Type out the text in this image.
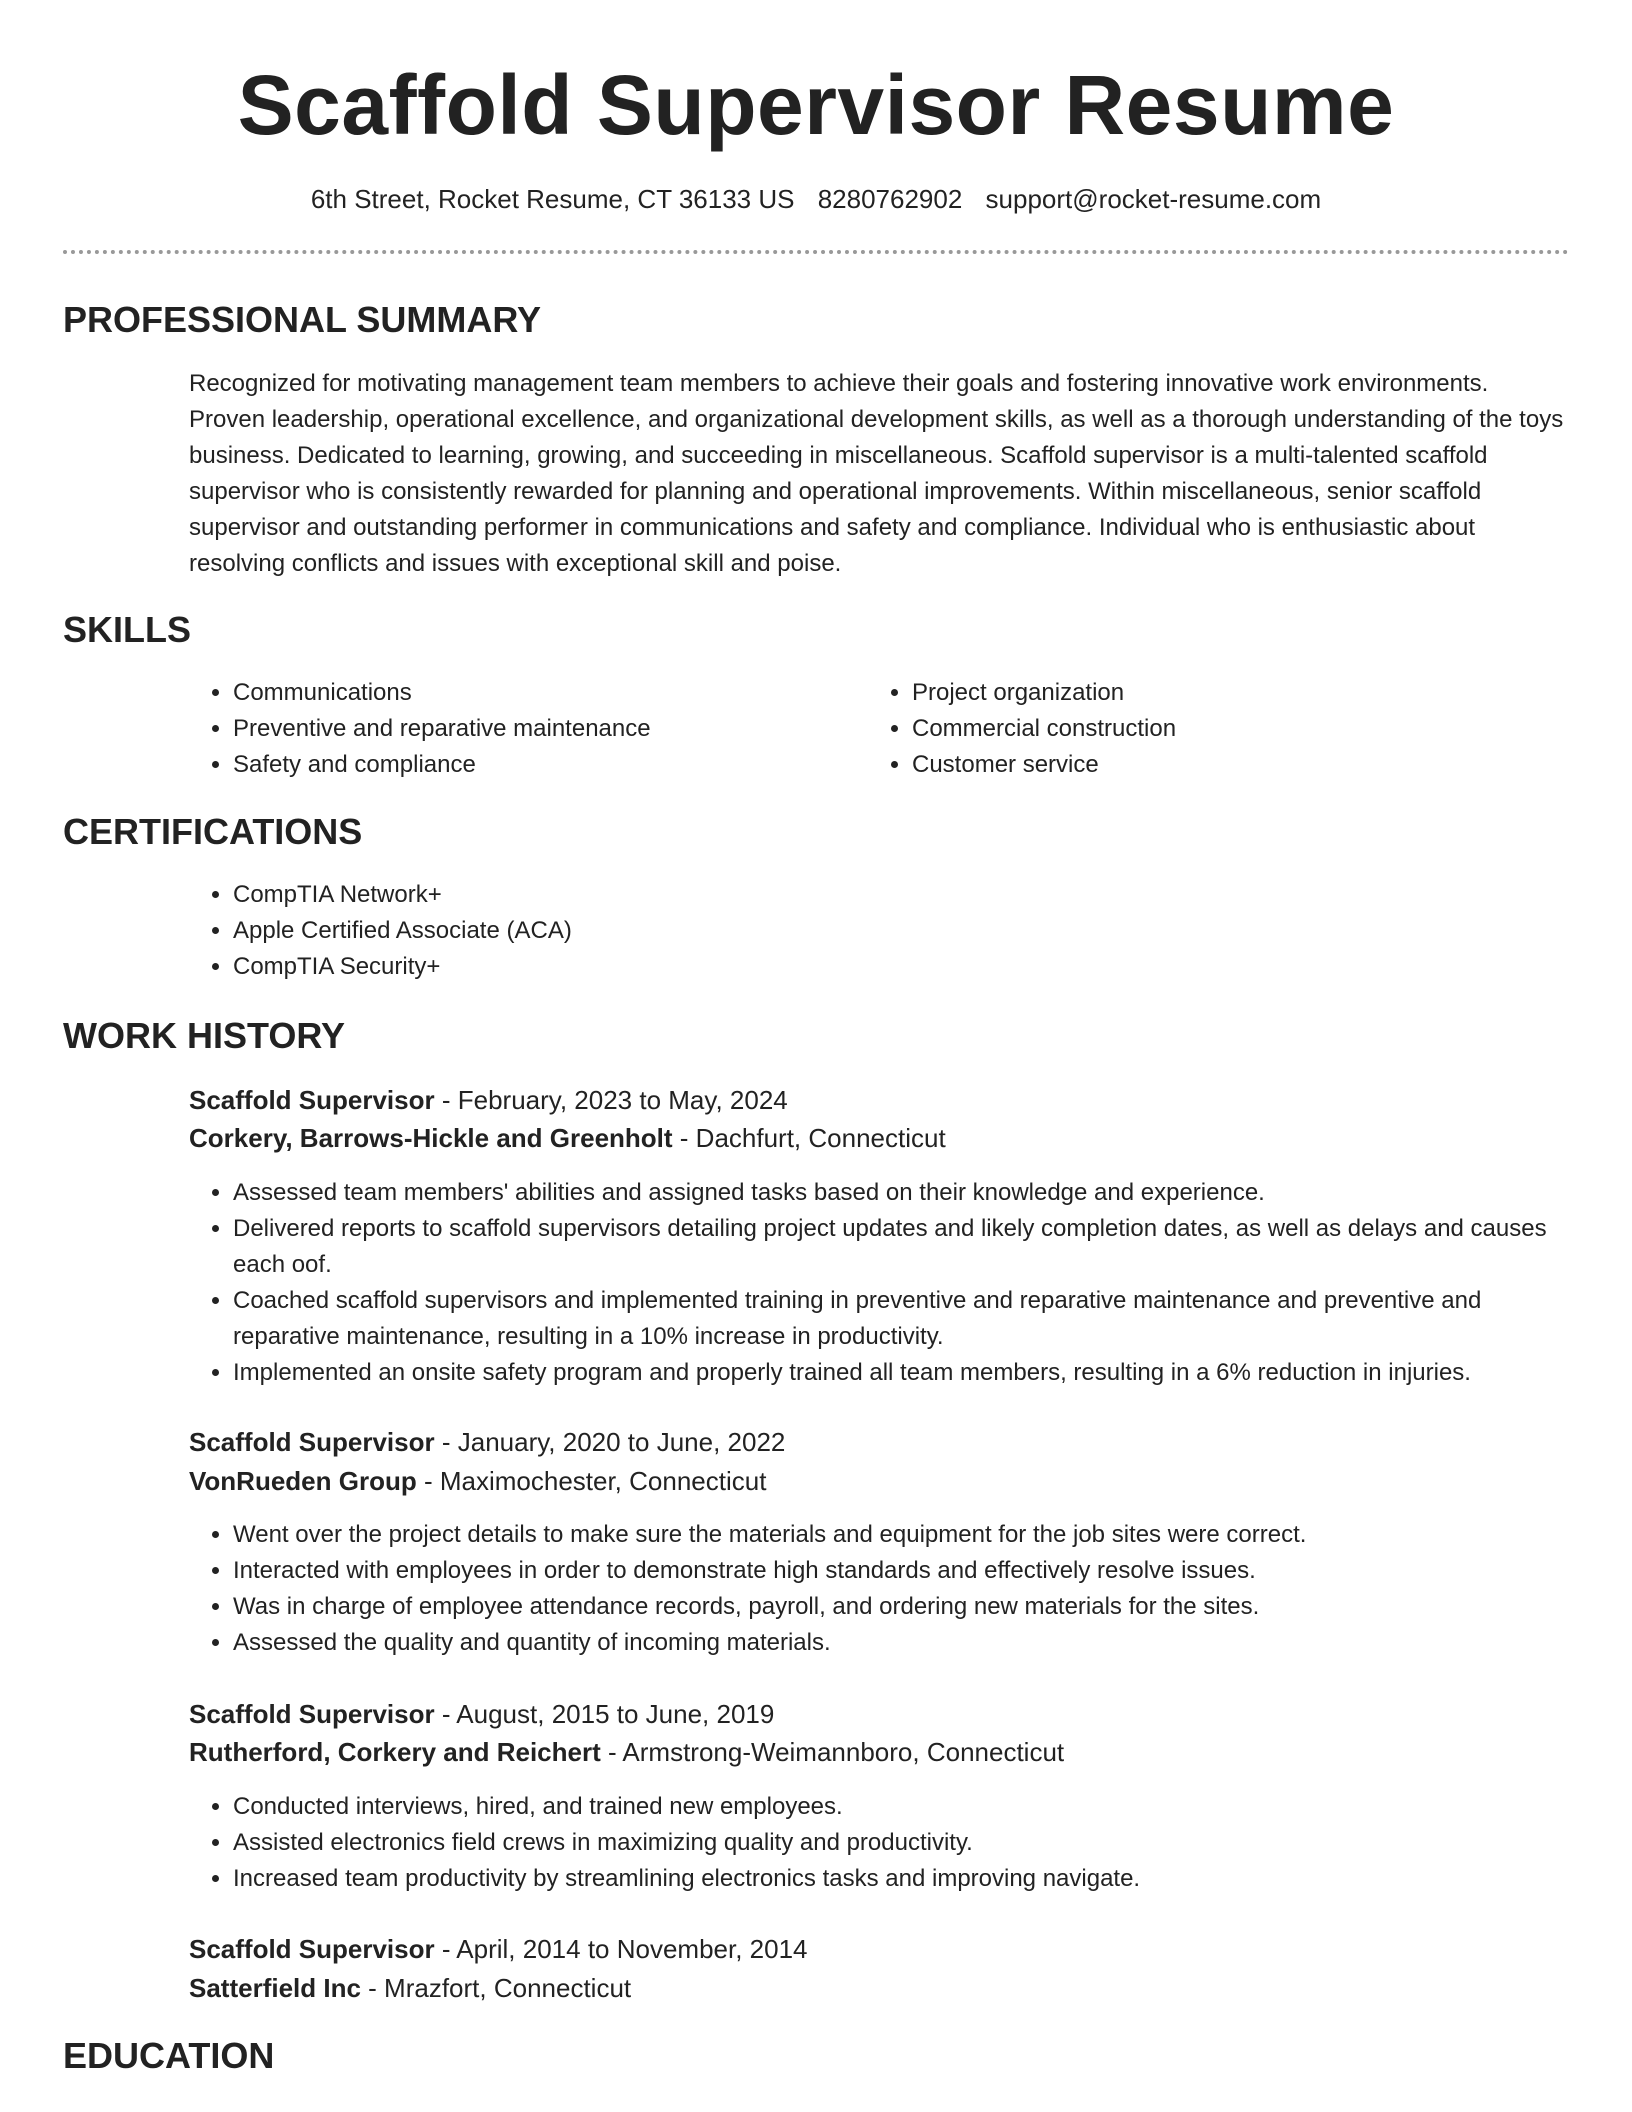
Scaffold Supervisor Resume
6th Street, Rocket Resume, CT 36133 US 8280762902 support@rocket-resume.com
PROFESSIONAL SUMMARY
Recognized for motivating management team members to achieve their goals and fostering innovative work environments. Proven leadership, operational excellence, and organizational development skills, as well as a thorough understanding of the toys business. Dedicated to learning, growing, and succeeding in miscellaneous. Scaffold supervisor is a multi-talented scaffold supervisor who is consistently rewarded for planning and operational improvements. Within miscellaneous, senior scaffold supervisor and outstanding performer in communications and safety and compliance. Individual who is enthusiastic about resolving conflicts and issues with exceptional skill and poise.
SKILLS
• Communications
• Preventive and reparative maintenance
• Safety and compliance
• Project organization
• Commercial construction
• Customer service
CERTIFICATIONS
• CompTIA Network+
• Apple Certified Associate (ACA)
• CompTIA Security+
WORK HISTORY
Scaffold Supervisor - February, 2023 to May, 2024
Corkery, Barrows-Hickle and Greenholt - Dachfurt, Connecticut
• Assessed team members' abilities and assigned tasks based on their knowledge and experience.
• Delivered reports to scaffold supervisors detailing project updates and likely completion dates, as well as delays and causes each oof.
• Coached scaffold supervisors and implemented training in preventive and reparative maintenance and preventive and reparative maintenance, resulting in a 10% increase in productivity.
• Implemented an onsite safety program and properly trained all team members, resulting in a 6% reduction in injuries.
Scaffold Supervisor - January, 2020 to June, 2022
VonRueden Group - Maximochester, Connecticut
• Went over the project details to make sure the materials and equipment for the job sites were correct.
• Interacted with employees in order to demonstrate high standards and effectively resolve issues.
• Was in charge of employee attendance records, payroll, and ordering new materials for the sites.
• Assessed the quality and quantity of incoming materials.
Scaffold Supervisor - August, 2015 to June, 2019
Rutherford, Corkery and Reichert - Armstrong-Weimannboro, Connecticut
• Conducted interviews, hired, and trained new employees.
• Assisted electronics field crews in maximizing quality and productivity.
• Increased team productivity by streamlining electronics tasks and improving navigate.
Scaffold Supervisor - April, 2014 to November, 2014
Satterfield Inc - Mrazfort, Connecticut
EDUCATION
